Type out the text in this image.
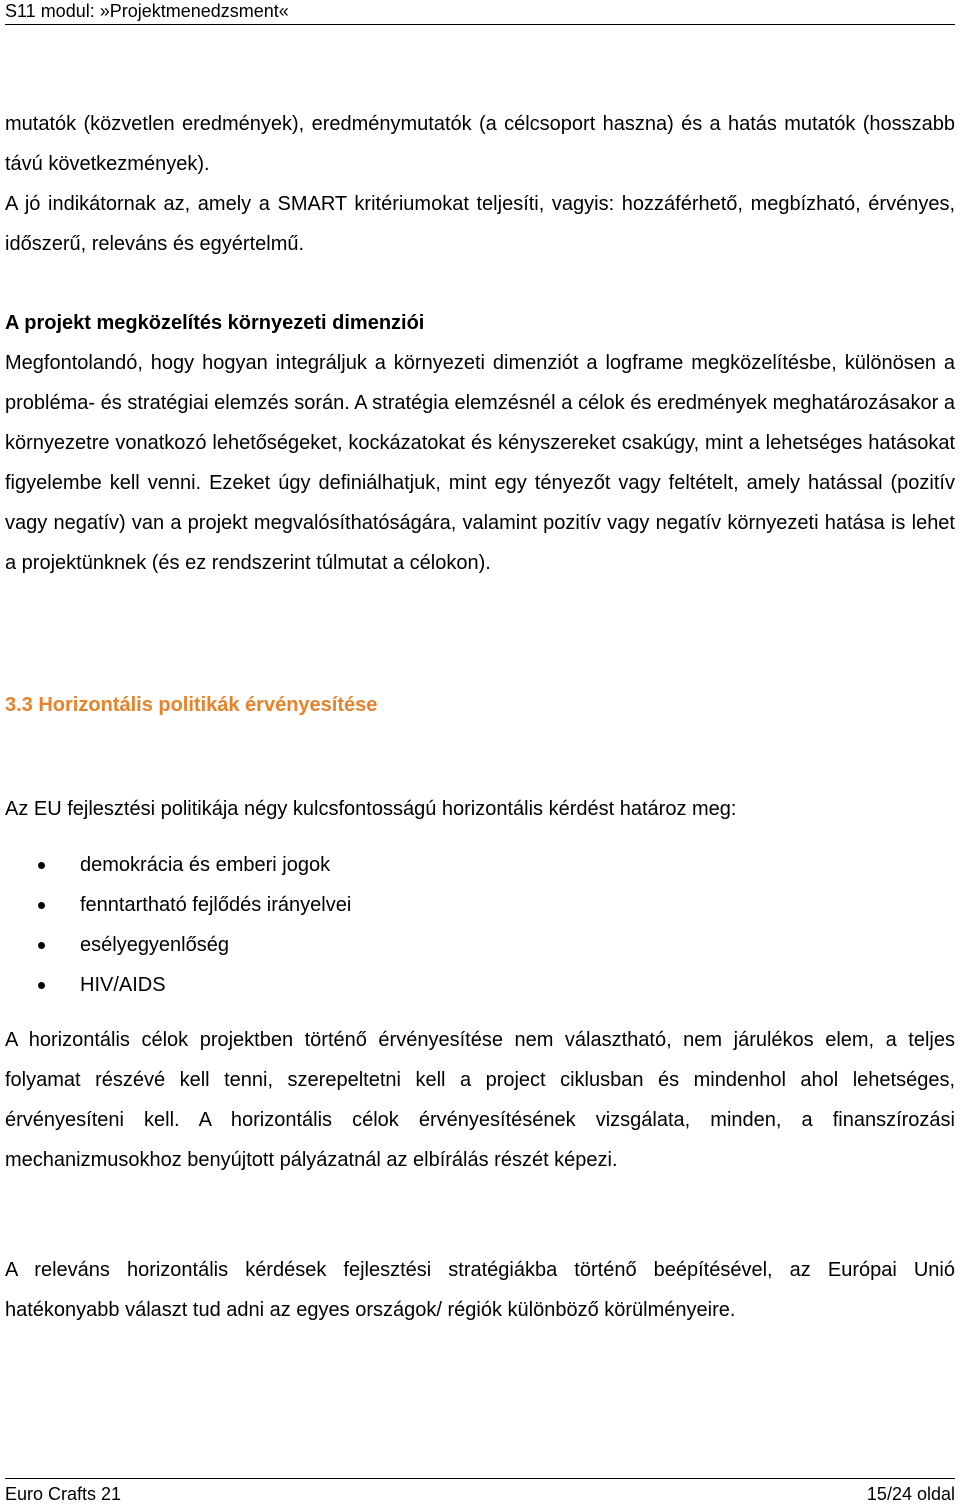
S11 modul: »Projektmenedzsment«

mutatók (közvetlen eredmények), eredménymutatók (a célcsoport haszna) és a hatás mutatók (hosszabb távú következmények).

A jó indikátornak az, amely a SMART kritériumokat teljesíti, vagyis: hozzáférhető, megbízható, érvényes, időszerű, releváns és egyértelmű.

A projekt megközelítés környezeti dimenziói

Megfontolandó, hogy hogyan integráljuk a környezeti dimenziót a logframe megközelítésbe, különösen a probléma- és stratégiai elemzés során. A stratégia elemzésnél a célok és eredmények meghatározásakor a környezetre vonatkozó lehetőségeket, kockázatokat és kényszereket csakúgy, mint a lehetséges hatásokat figyelembe kell venni. Ezeket úgy definiálhatjuk, mint egy tényezőt vagy feltételt, amely hatással (pozitív vagy negatív) van a projekt megvalósíthatóságára, valamint pozitív vagy negatív környezeti hatása is lehet a projektünknek (és ez rendszerint túlmutat a célokon).

3.3 Horizontális politikák érvényesítése

Az EU fejlesztési politikája négy kulcsfontosságú horizontális kérdést határoz meg:

demokrácia és emberi jogok
fenntartható fejlődés irányelvei
esélyegyenlőség
HIV/AIDS

A horizontális célok projektben történő érvényesítése nem választható, nem járulékos elem, a teljes folyamat részévé kell tenni, szerepeltetni kell a project ciklusban és mindenhol ahol lehetséges, érvényesíteni kell. A horizontális célok érvényesítésének vizsgálata, minden, a finanszírozási mechanizmusokhoz benyújtott pályázatnál az elbírálás részét képezi.

A releváns horizontális kérdések fejlesztési stratégiákba történő beépítésével, az Európai Unió hatékonyabb választ tud adni az egyes országok/ régiók különböző körülményeire.

Euro Crafts 21	15/24 oldal
